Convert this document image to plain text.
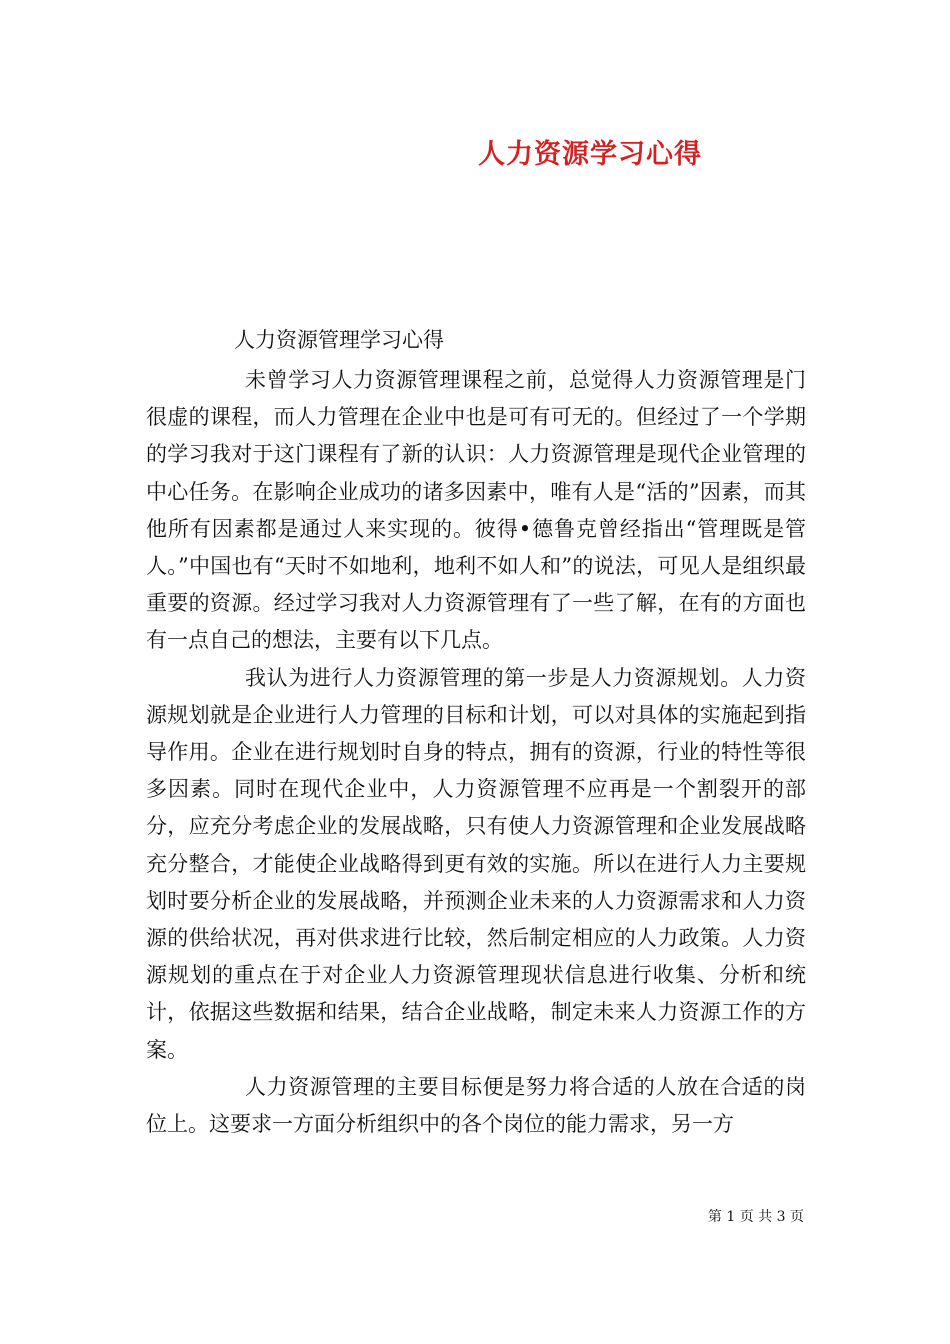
人力资源学习心得
人力资源管理学习心得

未曾学习人力资源管理课程之前，总觉得人力资源管理是门很虚的课程，而人力管理在企业中也是可有可无的。但经过了一个学期的学习我对于这门课程有了新的认识：人力资源管理是现代企业管理的中心任务。在影响企业成功的诸多因素中，唯有人是“活的”因素，而其他所有因素都是通过人来实现的。彼得•德鲁克曾经指出“管理既是管人。”中国也有“天时不如地利，地利不如人和”的说法，可见人是组织最重要的资源。经过学习我对人力资源管理有了一些了解，在有的方面也有一点自己的想法，主要有以下几点。

我认为进行人力资源管理的第一步是人力资源规划。人力资源规划就是企业进行人力管理的目标和计划，可以对具体的实施起到指导作用。企业在进行规划时自身的特点，拥有的资源，行业的特性等很多因素。同时在现代企业中，人力资源管理不应再是一个割裂开的部分，应充分考虑企业的发展战略，只有使人力资源管理和企业发展战略充分整合，才能使企业战略得到更有效的实施。所以在进行人力主要规划时要分析企业的发展战略，并预测企业未来的人力资源需求和人力资源的供给状况，再对供求进行比较，然后制定相应的人力政策。人力资源规划的重点在于对企业人力资源管理现状信息进行收集、分析和统计，依据这些数据和结果，结合企业战略，制定未来人力资源工作的方案。

人力资源管理的主要目标便是努力将合适的人放在合适的岗位上。这要求一方面分析组织中的各个岗位的能力需求，另一方

第 1 页 共 3 页
